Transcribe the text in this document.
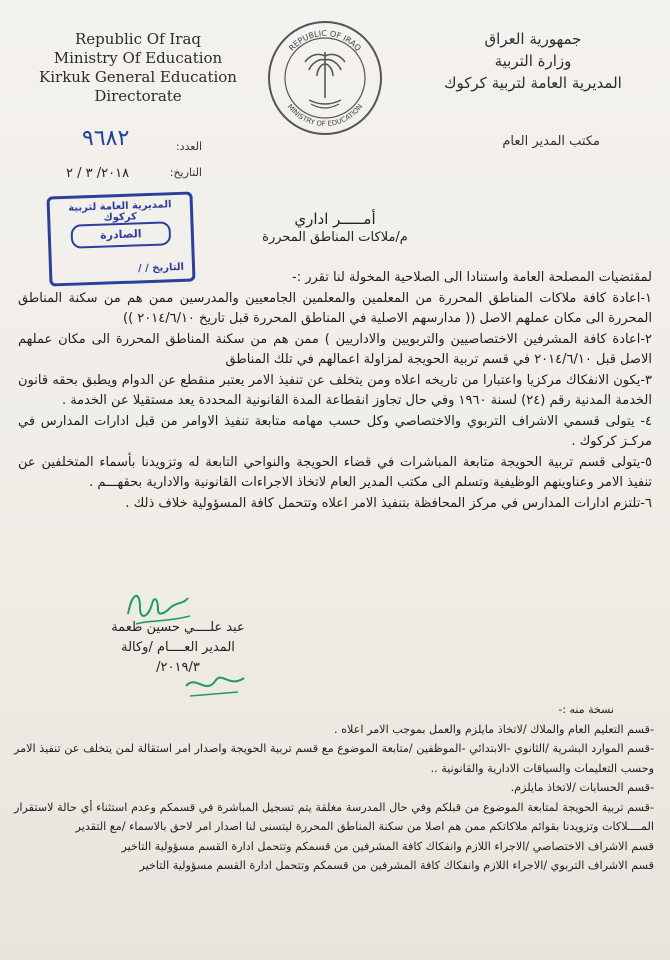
Republic Of Iraq
Ministry Of Education
Kirkuk General Education Directorate
REPUBLIC OF IRAQ
MINISTRY OF EDUCATION
جمهورية العراق
وزارة التربية
المديرية العامة لتربية كركوك
مكتب المدير العام
العدد:
٩٦٨٢
التاريخ:
٢٠١٨/ ٣ / ٢
المديرية العامة لتربية كركوك
الصادرة
التاريخ / /
أمـــــر اداري
م/ملاكات المناطق المحررة

لمقتضيات المصلحة العامة واستنادا الى الصلاحية المخولة لنا تقرر :-

١-اعادة كافة ملاكات المناطق المحررة من المعلمين والمعلمين الجامعيين والمدرسين ممن هم من سكنة المناطق المحررة الى مكان عملهم الاصل (( مدارسهم الاصلية في المناطق المحررة قبل تاريخ ٢٠١٤/٦/١٠ ))

٢-اعادة كافة المشرفين الاختصاصيين والتربويين والاداريين ) ممن هم من سكنة المناطق المحررة الى مكان عملهم الاصل قبل ٢٠١٤/٦/١٠ في قسم تربية الحويجة لمزاولة اعمالهم في تلك المناطق

٣-يكون الانفكاك مركزيا واعتبارا من تاريخه اعلاه ومن يتخلف عن تنفيذ الامر يعتبر منقطع عن الدوام ويطبق بحقه قانون الخدمة المدنية رقم (٢٤) لسنة ١٩٦٠ وفي حال تجاوز انقطاعة المدة القانونية المحددة يعد مستقيلا عن الخدمة .

٤- يتولى قسمي الاشراف التربوي والاختصاصي وكل حسب مهامه متابعة تنفيذ الاوامر من قبل ادارات المدارس في مركـز كركوك .

٥-يتولى قسم تربية الحويجة متابعة المباشرات في قضاء الحويجة والنواحي التابعة له وتزويدنا بأسماء المتخلفين عن تنفيذ الامر وعناوينهم الوظيفية وتسلم الى مكتب المدير العام لاتخاذ الاجراءات القانونية والادارية بحقهـــم .

٦-تلتزم ادارات المدارس في مركز المحافظة بتنفيذ الامر اعلاه وتتحمل كافة المسؤولية خلاف ذلك .

عبد علــــي حسين طعمة
المدير العــــام /وكالة
٢٠١٩/٣/

نسخة منه :-

-قسم التعليم العام والملاك /لاتخاذ مايلزم والعمل بموجب الامر اعلاه .

-قسم الموارد البشرية /الثانوي -الابتدائي -الموظفين /متابعة الموضوع مع قسم تربية الحويجة واصدار امر استقالة لمن يتخلف عن تنفيذ الامر وحسب التعليمات والسياقات الادارية والقانونية ..

-قسم الحسابات /لاتخاذ مايلزم.

-قسم تربية الحويجة لمتابعة الموضوع من قبلكم وفي حال المدرسة مغلقة يتم تسجيل المباشرة في قسمكم وعدم استثناء أي حالة لاستقرار المــــلاكات وتزويدنا بقوائم ملاكاتكم ممن هم اصلا من سكنة المناطق المحررة ليتسنى لنا اصدار امر لاحق بالاسماء /مع التقدير

قسم الاشراف الاختصاصي /الاجراء اللازم وانفكاك كافة المشرفين من قسمكم وتتحمل ادارة القسم مسؤولية التاخير

قسم الاشراف التربوي /الاجراء اللازم وانفكاك كافة المشرفين من قسمكم وتتحمل ادارة القسم مسؤولية التاخير
